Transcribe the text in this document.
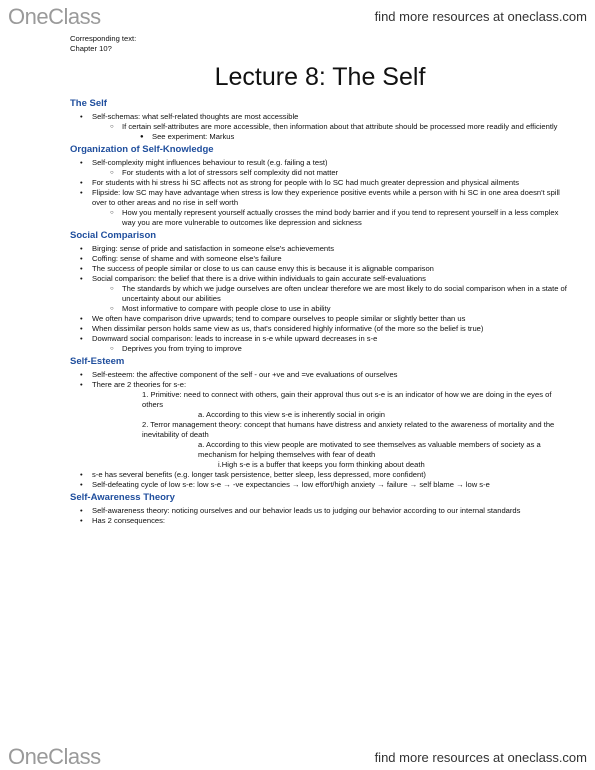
OneClass	find more resources at oneclass.com

Corresponding text:

Chapter 10?

Lecture 8: The Self
The Self
• Self-schemas: what self-related thoughts are most accessible
○ If certain self-attributes are more accessible, then information about that attribute should be processed more readily and efficiently
● See experiment: Markus
Organization of Self-Knowledge
• Self-complexity might influences behaviour to result (e.g. failing a test)
○ For students with a lot of stressors self complexity did not matter
• For students with hi stress hi SC affects not as strong for people with lo SC had much greater depression and physical ailments
• Flipside: low SC may have advantage when stress is low they experience positive events while a person with hi SC in one area doesn't spill over to other areas and no rise in self worth
○ How you mentally represent yourself actually crosses the mind body barrier and if you tend to represent yourself in a less complex way you are more vulnerable to outcomes like depression and sickness
Social Comparison
• Birging: sense of pride and satisfaction in someone else's achievements
• Coffing: sense of shame and with someone else's failure
• The success of people similar or close to us can cause envy this is because it is alignable comparison
• Social comparison: the belief that there is a drive within individuals to gain accurate self-evaluations
○ The standards by which we judge ourselves are often unclear therefore we are most likely to do social comparison when in a state of uncertainty about our abilities
○ Most informative to compare with people close to use in ability
• We often have comparison drive upwards; tend to compare ourselves to people similar or slightly better than us
• When dissimilar person holds same view as us, that's considered highly informative (of the more so the belief is true)
• Downward social comparison: leads to increase in s-e while upward decreases in s-e
○ Deprives you from trying to improve
Self-Esteem
• Self-esteem: the affective component of the self - our +ve and =ve evaluations of ourselves
• There are 2 theories for s-e:
1. Primitive: need to connect with others, gain their approval thus out s-e is an indicator of how we are doing in the eyes of others
a. According to this view s-e is inherently social in origin
2. Terror management theory: concept that humans have distress and anxiety related to the awareness of mortality and the inevitability of death
a. According to this view people are motivated to see themselves as valuable members of society as a mechanism for helping themselves with fear of death
i.High s-e is a buffer that keeps you form thinking about death
• s-e has several benefits (e.g. longer task persistence, better sleep, less depressed, more confident)
• Self-defeating cycle of low s-e: low s-e → -ve expectancies → low effort/high anxiety → failure → self blame → low s-e
Self-Awareness Theory
• Self-awareness theory: noticing ourselves and our behavior leads us to judging our behavior according to our internal standards
• Has 2 consequences:
OneClass	find more resources at oneclass.com
